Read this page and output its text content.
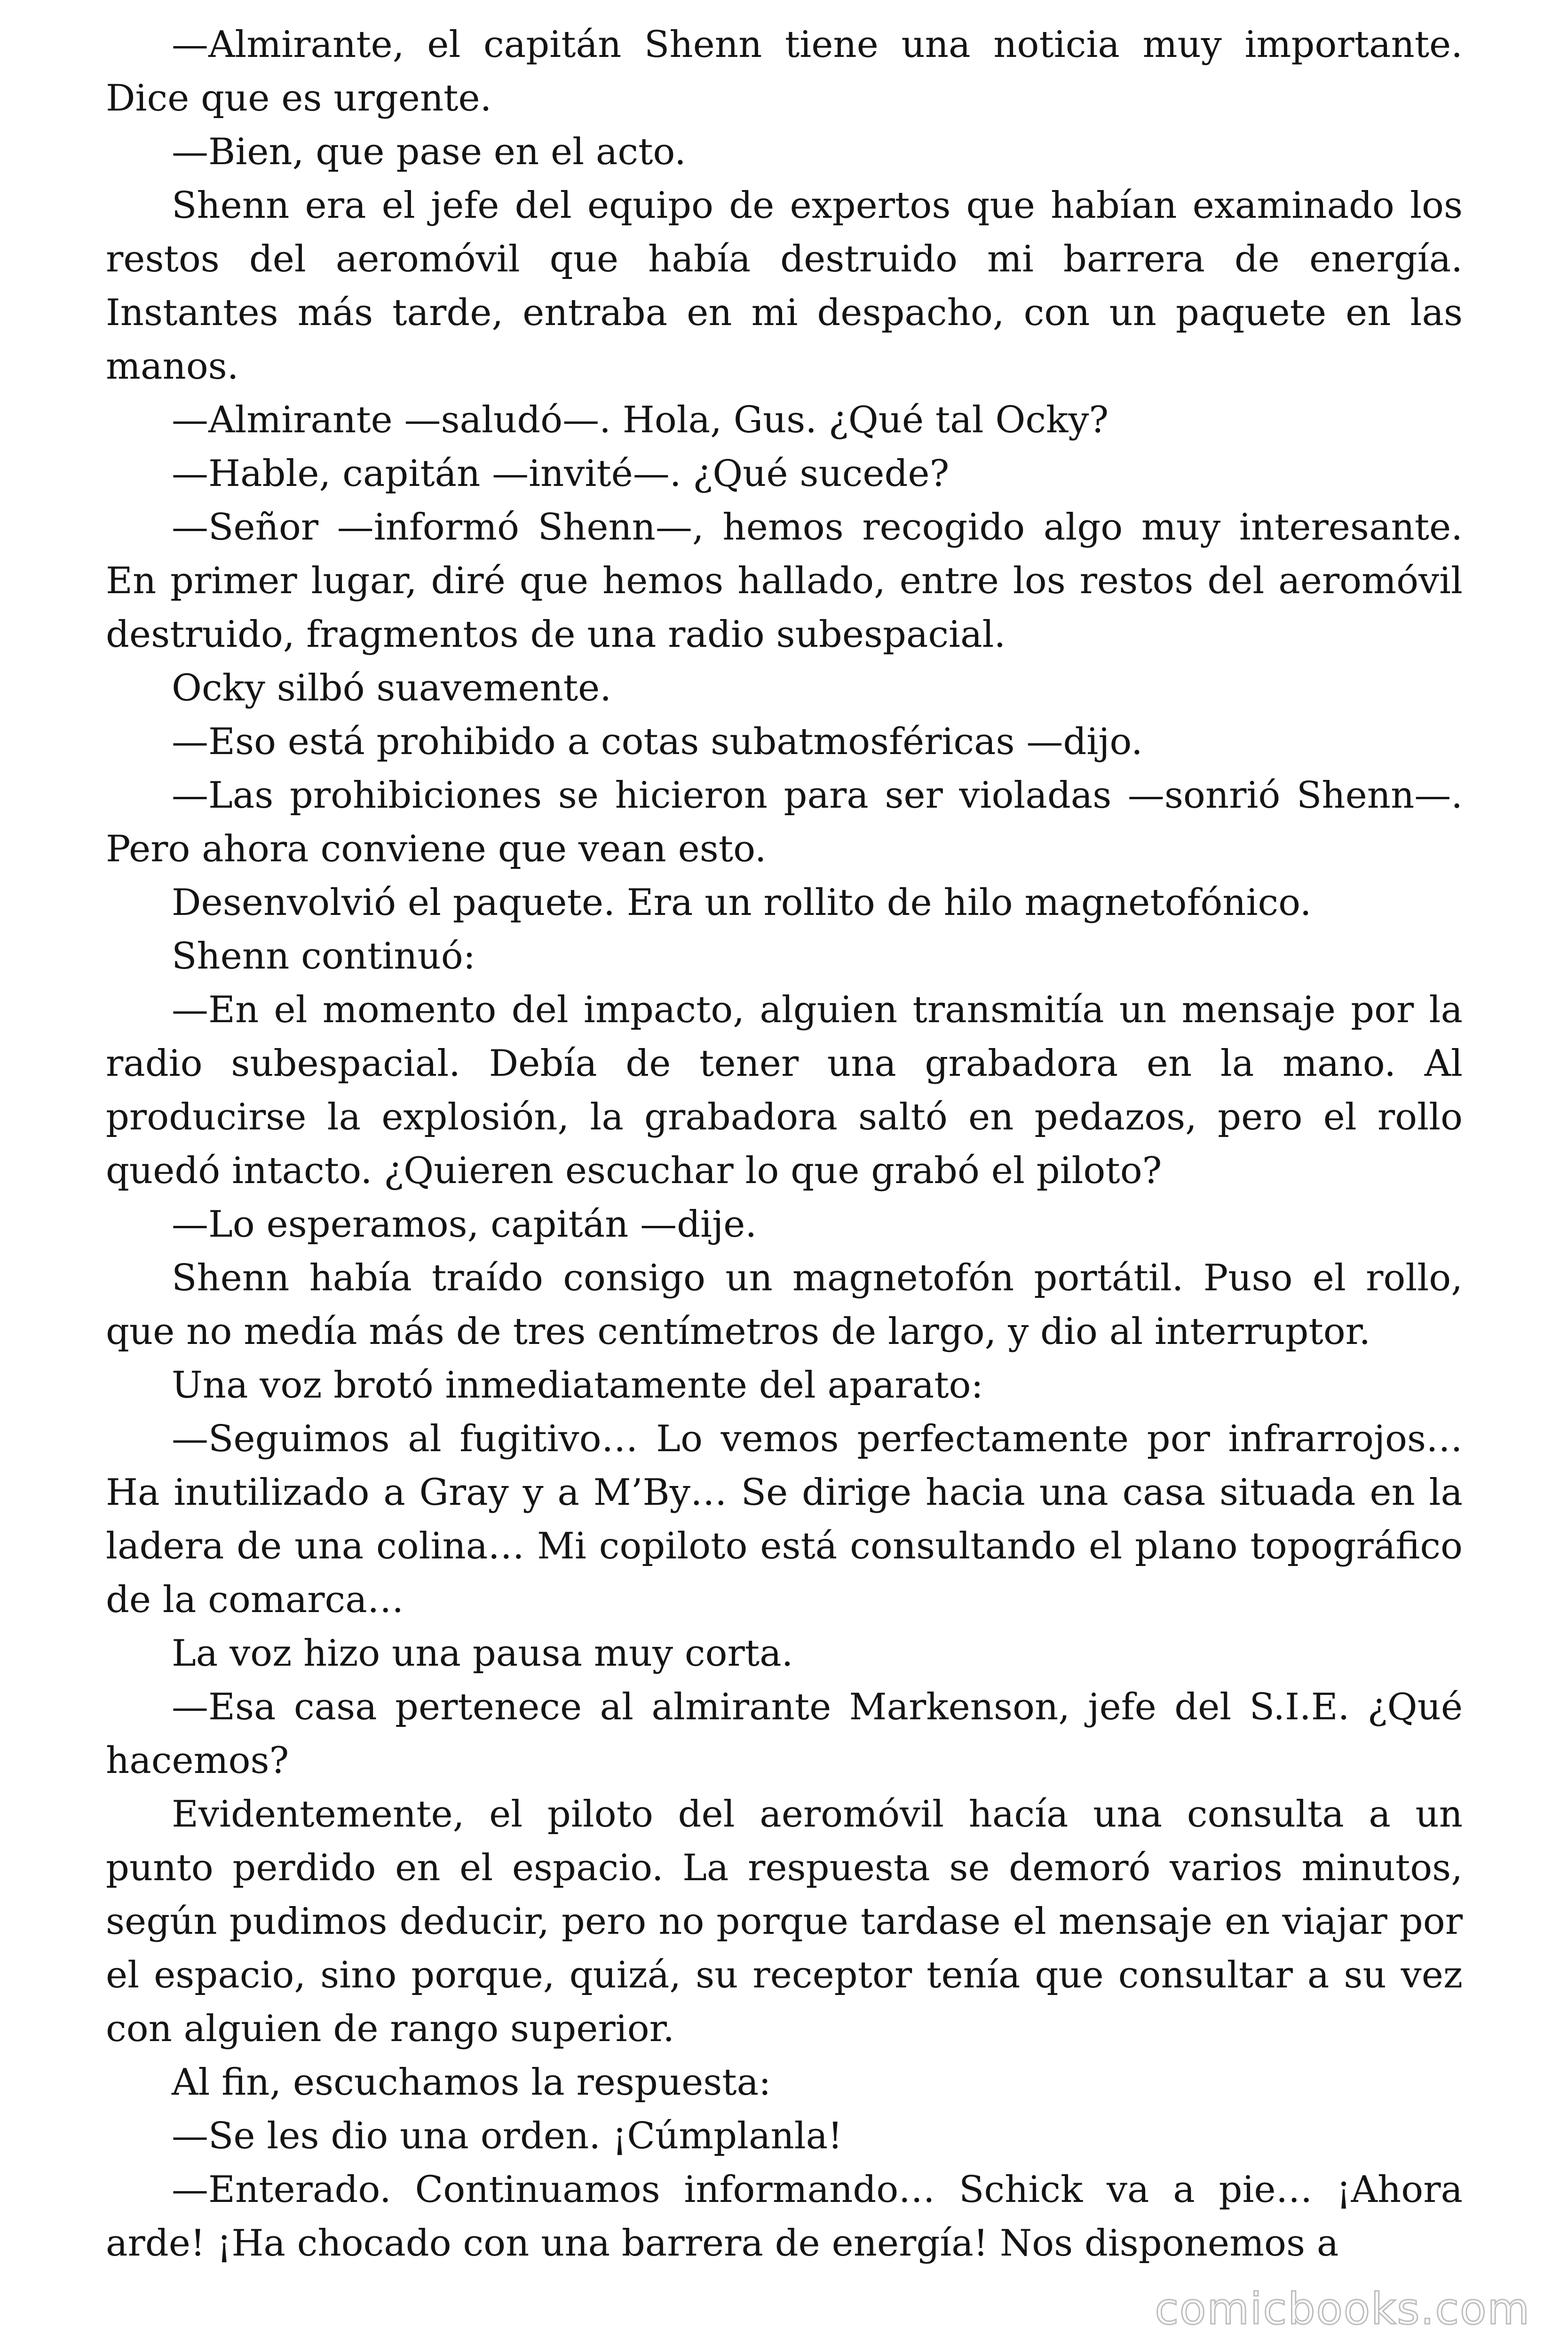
—Almirante, el capitán Shenn tiene una noticia muy importante. Dice que es urgente.

—Bien, que pase en el acto.

Shenn era el jefe del equipo de expertos que habían examinado los restos del aeromóvil que había destruido mi barrera de energía. Instantes más tarde, entraba en mi despacho, con un paquete en las manos.

—Almirante —saludó—. Hola, Gus. ¿Qué tal Ocky?

—Hable, capitán —invité—. ¿Qué sucede?

—Señor —informó Shenn—, hemos recogido algo muy interesante. En primer lugar, diré que hemos hallado, entre los restos del aeromóvil destruido, fragmentos de una radio subespacial.

Ocky silbó suavemente.

—Eso está prohibido a cotas subatmosféricas —dijo.

—Las prohibiciones se hicieron para ser violadas —sonrió Shenn—. Pero ahora conviene que vean esto.

Desenvolvió el paquete. Era un rollito de hilo magnetofónico.

Shenn continuó:

—En el momento del impacto, alguien transmitía un mensaje por la radio subespacial. Debía de tener una grabadora en la mano. Al producirse la explosión, la grabadora saltó en pedazos, pero el rollo quedó intacto. ¿Quieren escuchar lo que grabó el piloto?

—Lo esperamos, capitán —dije.

Shenn había traído consigo un magnetofón portátil. Puso el rollo, que no medía más de tres centímetros de largo, y dio al interruptor.

Una voz brotó inmediatamente del aparato:

—Seguimos al fugitivo… Lo vemos perfectamente por infrarrojos… Ha inutilizado a Gray y a M’By… Se dirige hacia una casa situada en la ladera de una colina… Mi copiloto está consultando el plano topográfico de la comarca…

La voz hizo una pausa muy corta.

—Esa casa pertenece al almirante Markenson, jefe del S.I.E. ¿Qué hacemos?

Evidentemente, el piloto del aeromóvil hacía una consulta a un punto perdido en el espacio. La respuesta se demoró varios minutos, según pudimos deducir, pero no porque tardase el mensaje en viajar por el espacio, sino porque, quizá, su receptor tenía que consultar a su vez con alguien de rango superior.

Al fin, escuchamos la respuesta:

—Se les dio una orden. ¡Cúmplanla!

—Enterado. Continuamos informando… Schick va a pie… ¡Ahora arde! ¡Ha chocado con una barrera de energía! Nos disponemos a

comicbooks.com
